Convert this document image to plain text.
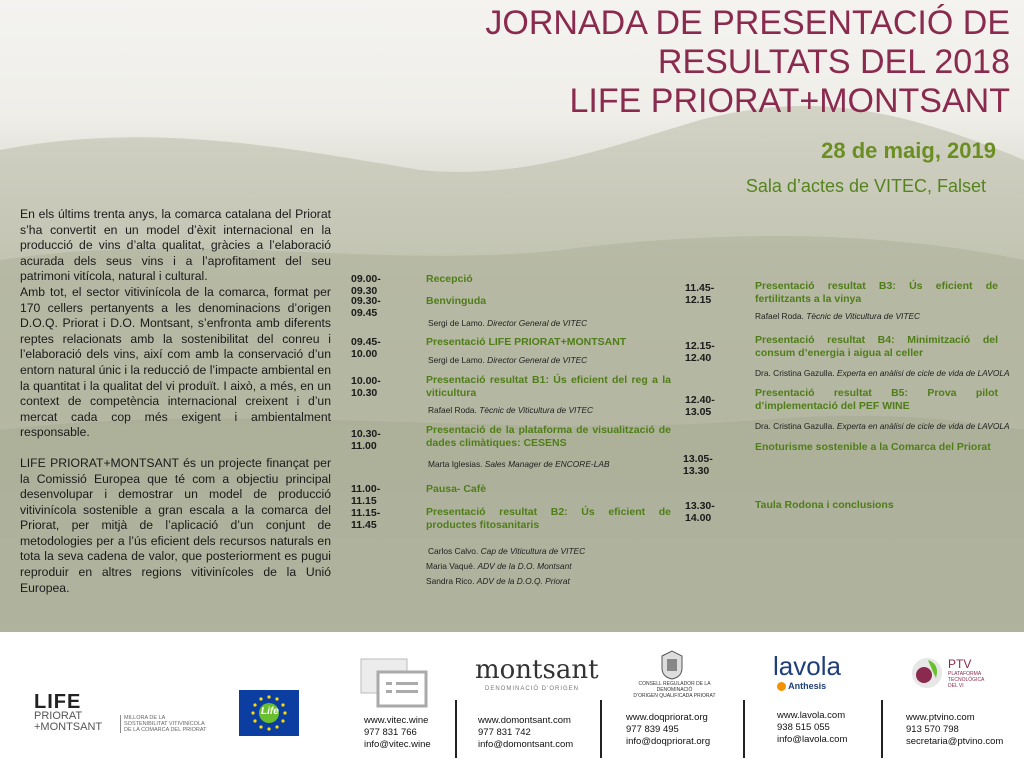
JORNADA DE PRESENTACIÓ DE
RESULTATS DEL 2018
LIFE PRIORAT+MONTSANT
28 de maig, 2019
Sala d’actes de VITEC, Falset

En els últims trenta anys, la comarca catalana del Priorat s’ha convertit en un model d’èxit internacional en la producció de vins d’alta qualitat, gràcies a l’elaboració acurada dels seus vins i a l’aprofitament del seu patrimoni vitícola, natural i cultural.

Amb tot, el sector vitivinícola de la comarca, format per 170 cellers pertanyents a les denominacions d’origen D.O.Q. Priorat i D.O. Montsant, s’enfronta amb diferents reptes relacionats amb la sostenibilitat del conreu i l’elaboració dels vins, així com amb la conservació d’un entorn natural únic i la reducció de l’impacte ambiental en la quantitat i la qualitat del vi produït. I això, a més, en un context de competència internacional creixent i d’un mercat cada cop més exigent i ambientalment responsable.

LIFE PRIORAT+MONTSANT és un projecte finançat per la Comissió Europea que té com a objectiu principal desenvolupar i demostrar un model de producció vitivinícola sostenible a gran escala a la comarca del Priorat, per mitjà de l’aplicació d’un conjunt de metodologies per a l’ús eficient dels recursos naturals en tota la seva cadena de valor, que posteriorment es pugui reproduir en altres regions vitivinícoles de la Unió Europea.

09.00-09.30
Recepció
09.30-09.45
Benvinguda
Sergi de Lamo. Director General de VITEC
09.45-10.00
Presentació LIFE PRIORAT+MONTSANT
Sergi de Lamo. Director General de VITEC
10.00-10.30
Presentació resultat B1: Ús eficient del reg a la viticultura
Rafael Roda. Tècnic de Viticultura de VITEC
10.30-11.00
Presentació de la plataforma de visualització de dades climàtiques: CESENS
Marta Iglesias. Sales Manager de ENCORE-LAB
11.00-11.15
Pausa- Cafè
11.15-11.45
Presentació resultat B2: Ús eficient de productes fitosanitaris
Carlos Calvo. Cap de Viticultura de VITEC
Maria Vaqué. ADV de la D.O. Montsant
Sandra Rico. ADV de la D.O.Q. Priorat
11.45-12.15
Presentació resultat B3: Ús eficient de fertilitzants a la vinya
Rafael Roda. Tècnic de Viticultura de VITEC
12.15-12.40
Presentació resultat B4: Minimització del consum d’energia i aigua al celler
Dra. Cristina Gazulla. Experta en anàlisi de cicle de vida de LAVOLA
12.40-13.05
Presentació resultat B5: Prova pilot d’implementació del PEF WINE
Dra. Cristina Gazulla. Experta en anàlisi de cicle de vida de LAVOLA
13.05-13.30
Enoturisme sostenible a la Comarca del Priorat
13.30-14.00
Taula Rodona i conclusions
LIFE
PRIORAT
+MONTSANT
MILLORA DE LA
SOSTENIBILITAT VITIVINÍCOLA
DE LA COMARCA DEL PRIORAT
Life
montsant
DENOMINACIÓ D’ORIGEN
CONSELL REGULADOR DE LA DENOMINACIÓ
D’ORIGEN QUALIFICADA PRIORAT
lavola
Anthesis
PTV
PLATAFORMA
TECNOLÒGICA
DEL VI
www.vitec.wine
977 831 766
info@vitec.wine
www.domontsant.com
977 831 742
info@domontsant.com
www.doqpriorat.org
977 839 495
info@doqpriorat.org
www.lavola.com
938 515 055
info@lavola.com
www.ptvino.com
913 570 798
secretaria@ptvino.com
